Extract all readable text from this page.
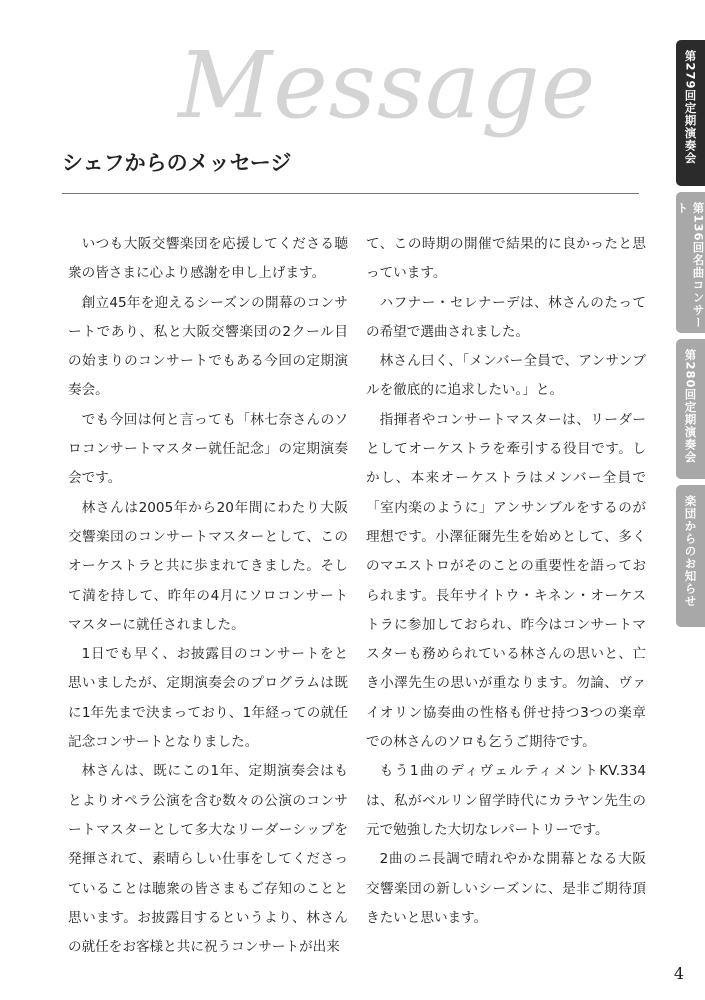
Message
シェフからのメッセージ

いつも大阪交響楽団を応援してくださる聴衆の皆さまに心より感謝を申し上げます。

創立45年を迎えるシーズンの開幕のコンサートであり、私と大阪交響楽団の2クール目の始まりのコンサートでもある今回の定期演奏会。

でも今回は何と言っても「林七奈さんのソロコンサートマスター就任記念」の定期演奏会です。

林さんは2005年から20年間にわたり大阪交響楽団のコンサートマスターとして、このオーケストラと共に歩まれてきました。そして満を持して、昨年の4月にソロコンサートマスターに就任されました。

1日でも早く、お披露目のコンサートをと思いましたが、定期演奏会のプログラムは既に1年先まで決まっており、1年経っての就任記念コンサートとなりました。

林さんは、既にこの1年、定期演奏会はもとよりオペラ公演を含む数々の公演のコンサートマスターとして多大なリーダーシップを発揮されて、素晴らしい仕事をしてくださっていることは聴衆の皆さまもご存知のことと思います。お披露目するというより、林さんの就任をお客様と共に祝うコンサートが出来

て、この時期の開催で結果的に良かったと思っています。

ハフナー・セレナーデは、林さんのたっての希望で選曲されました。

林さん曰く、「メンバー全員で、アンサンブルを徹底的に追求したい。」と。

指揮者やコンサートマスターは、リーダーとしてオーケストラを牽引する役目です。しかし、本来オーケストラはメンバー全員で「室内楽のように」アンサンブルをするのが理想です。小澤征爾先生を始めとして、多くのマエストロがそのことの重要性を語っておられます。長年サイトウ・キネン・オーケストラに参加しておられ、昨今はコンサートマスターも務められている林さんの思いと、亡き小澤先生の思いが重なります。勿論、ヴァイオリン協奏曲の性格も併せ持つ3つの楽章での林さんのソロも乞うご期待です。

もう1曲のディヴェルティメントKV.334は、私がベルリン留学時代にカラヤン先生の元で勉強した大切なレパートリーです。

2曲のニ長調で晴れやかな開幕となる大阪交響楽団の新しいシーズンに、是非ご期待頂きたいと思います。

第279回定期演奏会
第136回名曲コンサート
第280回定期演奏会
楽団からのお知らせ
4
